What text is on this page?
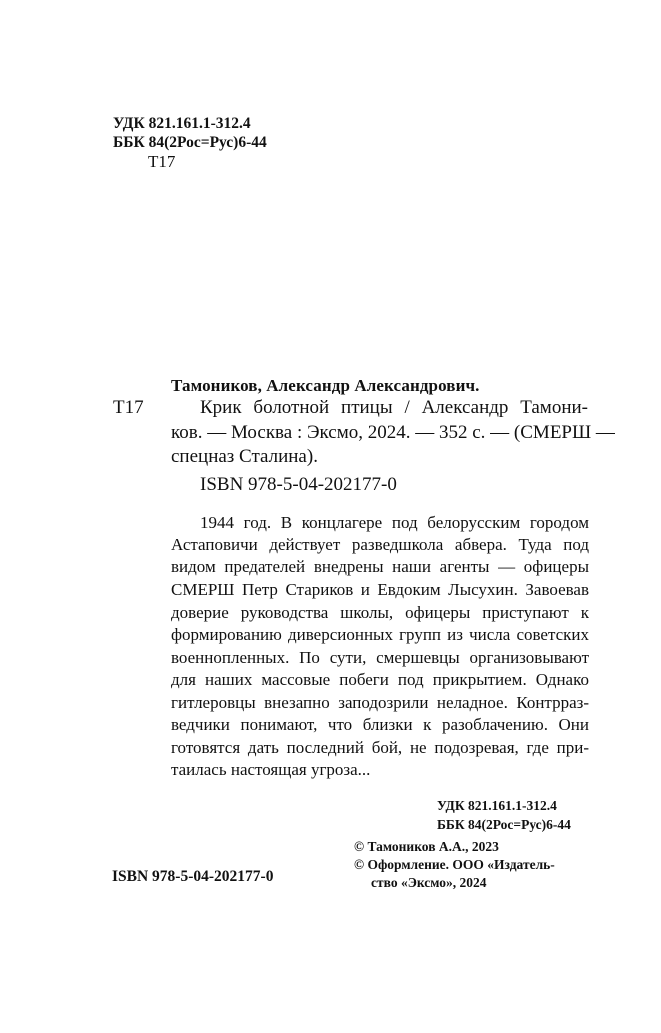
УДК 821.161.1-312.4
ББК 84(2Рос=Рус)6-44
Т17
Тамоников, Александр Александрович.
Т17	Крик болотной птицы / Александр Тамони-
ков. — Москва : Эксмо, 2024. — 352 с. — (СМЕРШ —
спецназ Сталина).
ISBN 978-5-04-202177-0
1944 год. В концлагере под белорусским городом
Астаповичи действует разведшкола абвера. Туда под
видом предателей внедрены наши агенты — офицеры
СМЕРШ Петр Стариков и Евдоким Лысухин. Завоевав
доверие руководства школы, офицеры приступают к
формированию диверсионных групп из числа советских
военнопленных. По сути, смершевцы организовывают
для наших массовые побеги под прикрытием. Однако
гитлеровцы внезапно заподозрили неладное. Контрраз-
ведчики понимают, что близки к разоблачению. Они
готовятся дать последний бой, не подозревая, где при-
таилась настоящая угроза...
УДК 821.161.1-312.4
ББК 84(2Рос=Рус)6-44
ISBN 978-5-04-202177-0
© Тамоников А.А., 2023
© Оформление. ООО «Издатель-
ство «Эксмо», 2024
